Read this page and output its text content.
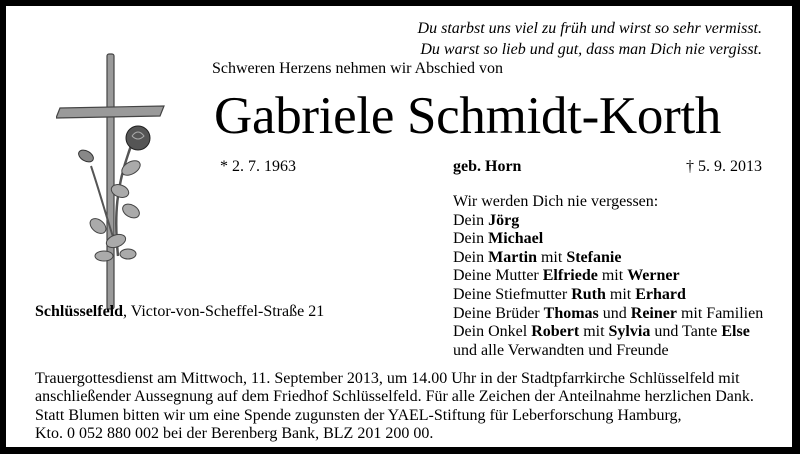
Du starbst uns viel zu früh und wirst so sehr vermisst.
Du warst so lieb und gut, dass man Dich nie vergisst.
Schweren Herzens nehmen wir Abschied von
Gabriele Schmidt-Korth
* 2. 7. 1963	geb. Horn	† 5. 9. 2013
Wir werden Dich nie vergessen:
Dein Jörg
Dein Michael
Dein Martin mit Stefanie
Deine Mutter Elfriede mit Werner
Deine Stiefmutter Ruth mit Erhard
Deine Brüder Thomas und Reiner mit Familien
Dein Onkel Robert mit Sylvia und Tante Else
und alle Verwandten und Freunde
Schlüsselfeld, Victor-von-Scheffel-Straße 21
Trauergottesdienst am Mittwoch, 11. September 2013, um 14.00 Uhr in der Stadtpfarrkirche Schlüsselfeld mit
anschließender Aussegnung auf dem Friedhof Schlüsselfeld. Für alle Zeichen der Anteilnahme herzlichen Dank.
Statt Blumen bitten wir um eine Spende zugunsten der YAEL-Stiftung für Leberforschung Hamburg,
Kto. 0 052 880 002 bei der Berenberg Bank, BLZ 201 200 00.
